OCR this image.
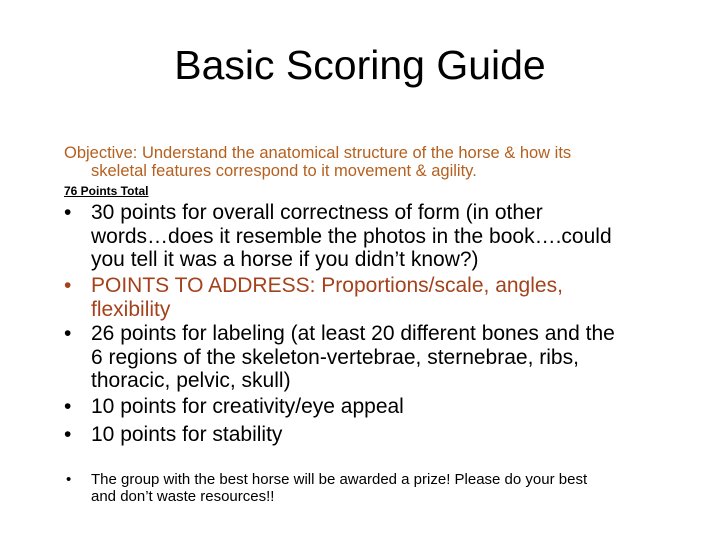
Basic Scoring Guide
Objective: Understand the anatomical structure of the horse & how its
skeletal features correspond to it movement & agility.
76 Points Total
• 30 points for overall correctness of form (in other
words…does it resemble the photos in the book….could
you tell it was a horse if you didn’t know?)
• POINTS TO ADDRESS: Proportions/scale, angles,
flexibility
• 26 points for labeling (at least 20 different bones and the
6 regions of the skeleton-vertebrae, sternebrae, ribs,
thoracic, pelvic, skull)
• 10 points for creativity/eye appeal
• 10 points for stability
• The group with the best horse will be awarded a prize! Please do your best
and don’t waste resources!!
